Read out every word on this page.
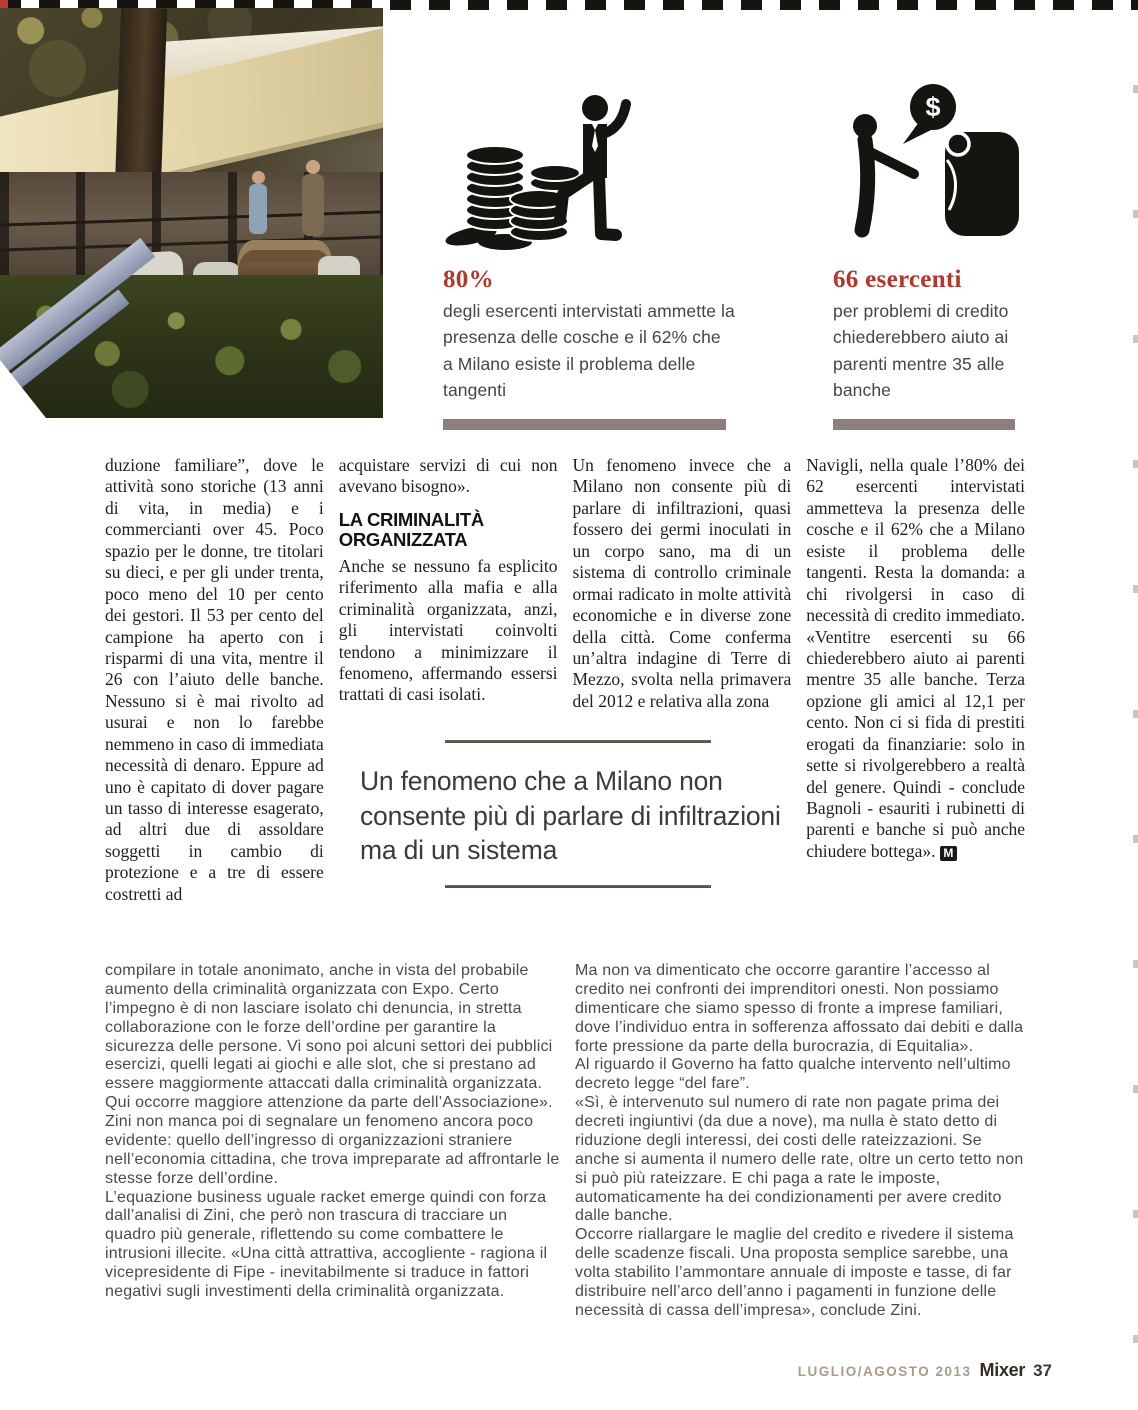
80%
degli esercenti intervistati ammette la presenza delle cosche e il 62% che a Milano esiste il problema delle tangenti
$
66 esercenti
per problemi di credito chiederebbero aiuto ai parenti mentre 35 alle banche

duzione familiare”, dove le attività sono storiche (13 anni di vita, in media) e i commercianti over 45. Poco spazio per le donne, tre titolari su dieci, e per gli under trenta, poco meno del 10 per cento dei gestori. Il 53 per cento del campione ha aperto con i risparmi di una vita, mentre il 26 con l’aiuto delle banche. Nessuno si è mai rivolto ad usurai e non lo farebbe nemmeno in caso di immediata necessità di denaro. Eppure ad uno è capitato di dover pagare un tasso di interesse esagerato, ad altri due di assoldare soggetti in cambio di protezione e a tre di essere costretti ad

acquistare servizi di cui non avevano bisogno».

LA CRIMINALITÀ ORGANIZZATA

Anche se nessuno fa esplicito riferimento alla mafia e alla criminalità organizzata, anzi, gli intervistati coinvolti tendono a minimizzare il fenomeno, affermando essersi trattati di casi isolati.

Un fenomeno invece che a Milano non consente più di parlare di infiltrazioni, quasi fossero dei germi inoculati in un corpo sano, ma di un sistema di controllo criminale ormai radicato in molte attività economiche e in diverse zone della città. Come conferma un’altra indagine di Terre di Mezzo, svolta nella primavera del 2012 e relativa alla zona

Navigli, nella quale l’80% dei 62 esercenti intervistati ammetteva la presenza delle cosche e il 62% che a Milano esiste il problema delle tangenti. Resta la domanda: a chi rivolgersi in caso di necessità di credito immediato. «Ventitre esercenti su 66 chiederebbero aiuto ai parenti mentre 35 alle banche. Terza opzione gli amici al 12,1 per cento. Non ci si fida di prestiti erogati da finanziarie: solo in sette si rivolgerebbero a realtà del genere. Quindi - conclude Bagnoli - esauriti i rubinetti di parenti e banche si può anche chiudere bottega». M

Un fenomeno che a Milano non consente più di parlare di infiltrazioni ma di un sistema

compilare in totale anonimato, anche in vista del probabile aumento della criminalità organizzata con Expo. Certo l’impegno è di non lasciare isolato chi denuncia, in stretta collaborazione con le forze dell’ordine per garantire la sicurezza delle persone. Vi sono poi alcuni settori dei pubblici esercizi, quelli legati ai giochi e alle slot, che si prestano ad essere maggiormente attaccati dalla criminalità organizzata. Qui occorre maggiore attenzione da parte dell’Associazione». Zini non manca poi di segnalare un fenomeno ancora poco evidente: quello dell’ingresso di organizzazioni straniere nell’economia cittadina, che trova impreparate ad affrontarle le stesse forze dell’ordine.

L’equazione business uguale racket emerge quindi con forza dall’analisi di Zini, che però non trascura di tracciare un quadro più generale, riflettendo su come combattere le intrusioni illecite. «Una città attrattiva, accogliente - ragiona il vicepresidente di Fipe - inevitabilmente si traduce in fattori negativi sugli investimenti della criminalità organizzata.

Ma non va dimenticato che occorre garantire l’accesso al credito nei confronti dei imprenditori onesti. Non possiamo dimenticare che siamo spesso di fronte a imprese familiari, dove l’individuo entra in sofferenza affossato dai debiti e dalla forte pressione da parte della burocrazia, di Equitalia».

Al riguardo il Governo ha fatto qualche intervento nell’ultimo decreto legge “del fare”.

«Sì, è intervenuto sul numero di rate non pagate prima dei decreti ingiuntivi (da due a nove), ma nulla è stato detto di riduzione degli interessi, dei costi delle rateizzazioni. Se anche si aumenta il numero delle rate, oltre un certo tetto non si può più rateizzare. E chi paga a rate le imposte, automaticamente ha dei condizionamenti per avere credito dalle banche.

Occorre riallargare le maglie del credito e rivedere il sistema delle scadenze fiscali. Una proposta semplice sarebbe, una volta stabilito l’ammontare annuale di imposte e tasse, di far distribuire nell’arco dell’anno i pagamenti in funzione delle necessità di cassa dell’impresa», conclude Zini.

LUGLIO/AGOSTO 2013 Mixer 37
